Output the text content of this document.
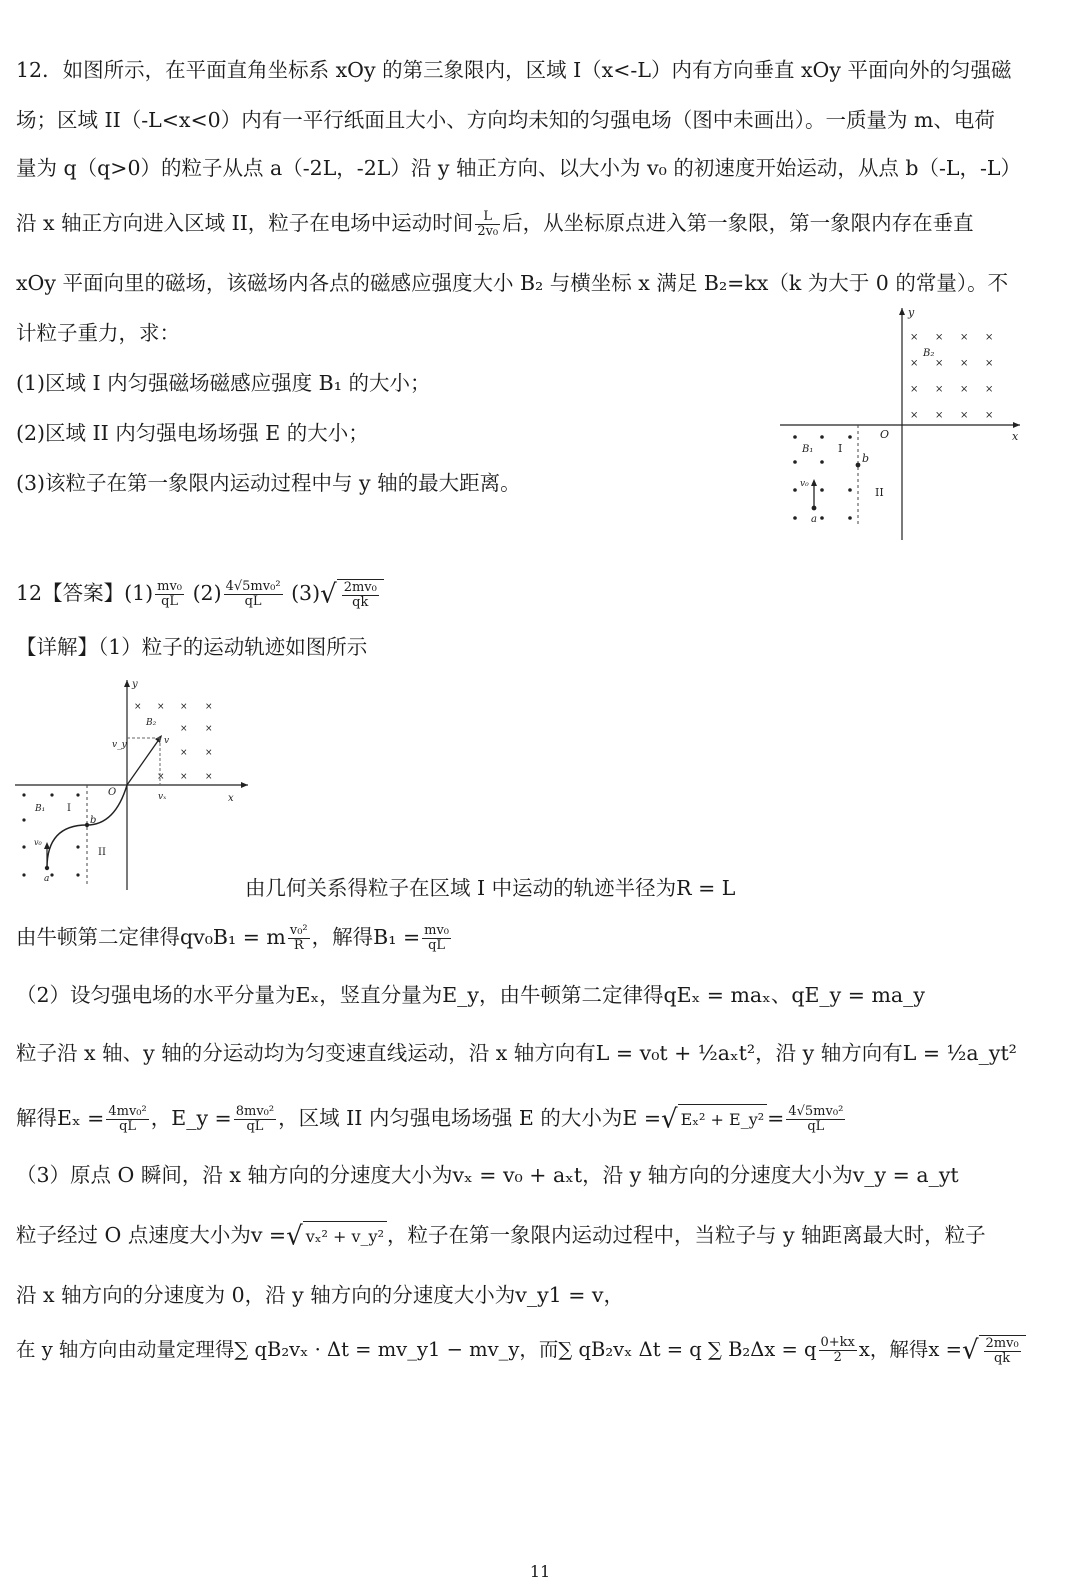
12．如图所示，在平面直角坐标系 xOy 的第三象限内，区域 I（x<-L）内有方向垂直 xOy 平面向外的匀强磁
场；区域 II（-L<x<0）内有一平行纸面且大小、方向均未知的匀强电场（图中未画出）。一质量为 m、电荷
量为 q（q>0）的粒子从点 a（-2L，-2L）沿 y 轴正方向、以大小为 v₀ 的初速度开始运动，从点 b（-L，-L）
沿 x 轴正方向进入区域 II，粒子在电场中运动时间 $\frac{L}{\text{2v₀}}$ 后，从坐标原点进入第一象限，第一象限内存在垂直
xOy 平面向里的磁场，该磁场内各点的磁感应强度大小 B₂ 与横坐标 x 满足 B₂=kx（k 为大于 0 的常量）。不
计粒子重力，求：
(1)区域 I 内匀强磁场磁感应强度 B₁ 的大小；
(2)区域 II 内匀强电场场强 E 的大小；
(3)该粒子在第一象限内运动过程中与 y 轴的最大距离。
x
y
O
× × × ×
× × × ×
× × × ×
× × × ×
B₂
B₁ I
II
b
v₀
a
12【答案】$(1) \frac{\text{mv₀}}{qL} (2) \frac{\text{4√5mv₀²}}{qL} (3)√ \frac{\text{2mv₀}}{qk}$
【详解】（1）粒子的运动轨迹如图所示
x
y
O
× × × ×
× ×
× ×
× × ×
B₂
v
v_y
vₓ
B₁ I
II
b
v₀
a	由几何关系得粒子在区域 I 中运动的轨迹半径为R = L
由牛顿第二定律得qv₀B₁ = m $\frac{\text{v₀²}}{R}$ ，解得$B_1 = \frac{\text{mv₀}}{qL}$
（2）设匀强电场的水平分量为Eₓ，竖直分量为E_y，由牛顿第二定律得qEₓ = maₓ、qE_y = ma_y
粒子沿 x 轴、y 轴的分运动均为匀变速直线运动，沿 x 轴方向有L = v₀t + ½aₓt²，沿 y 轴方向有L = ½a_yt²
解得$E_x = \frac{\text{4mv₀²}}{qL}$ ，E_y = $\frac{\text{8mv₀²}}{qL}$ ，区域 II 内匀强电场场强 E 的大小为E =√ Eₓ² + E_y² = $\frac{\text{4√5mv₀²}}{qL}$
（3）原点 O 瞬间，沿 x 轴方向的分速度大小为vₓ = v₀ + aₓt，沿 y 轴方向的分速度大小为v_y = a_yt
粒子经过 O 点速度大小为v =√ vₓ² + v_y² ，粒子在第一象限内运动过程中，当粒子与 y 轴距离最大时，粒子
沿 x 轴方向的分速度为 0，沿 y 轴方向的分速度大小为v_y1 = v，
在 y 轴方向由动量定理得∑ qB₂vₓ · Δt = mv_y1 − mv_y，而∑ qB₂vₓ Δt = q ∑ B₂Δx = q $\frac{0+kx}{2}$ x，解得x =√ $\frac{\text{2mv₀}}{qk}$
11
